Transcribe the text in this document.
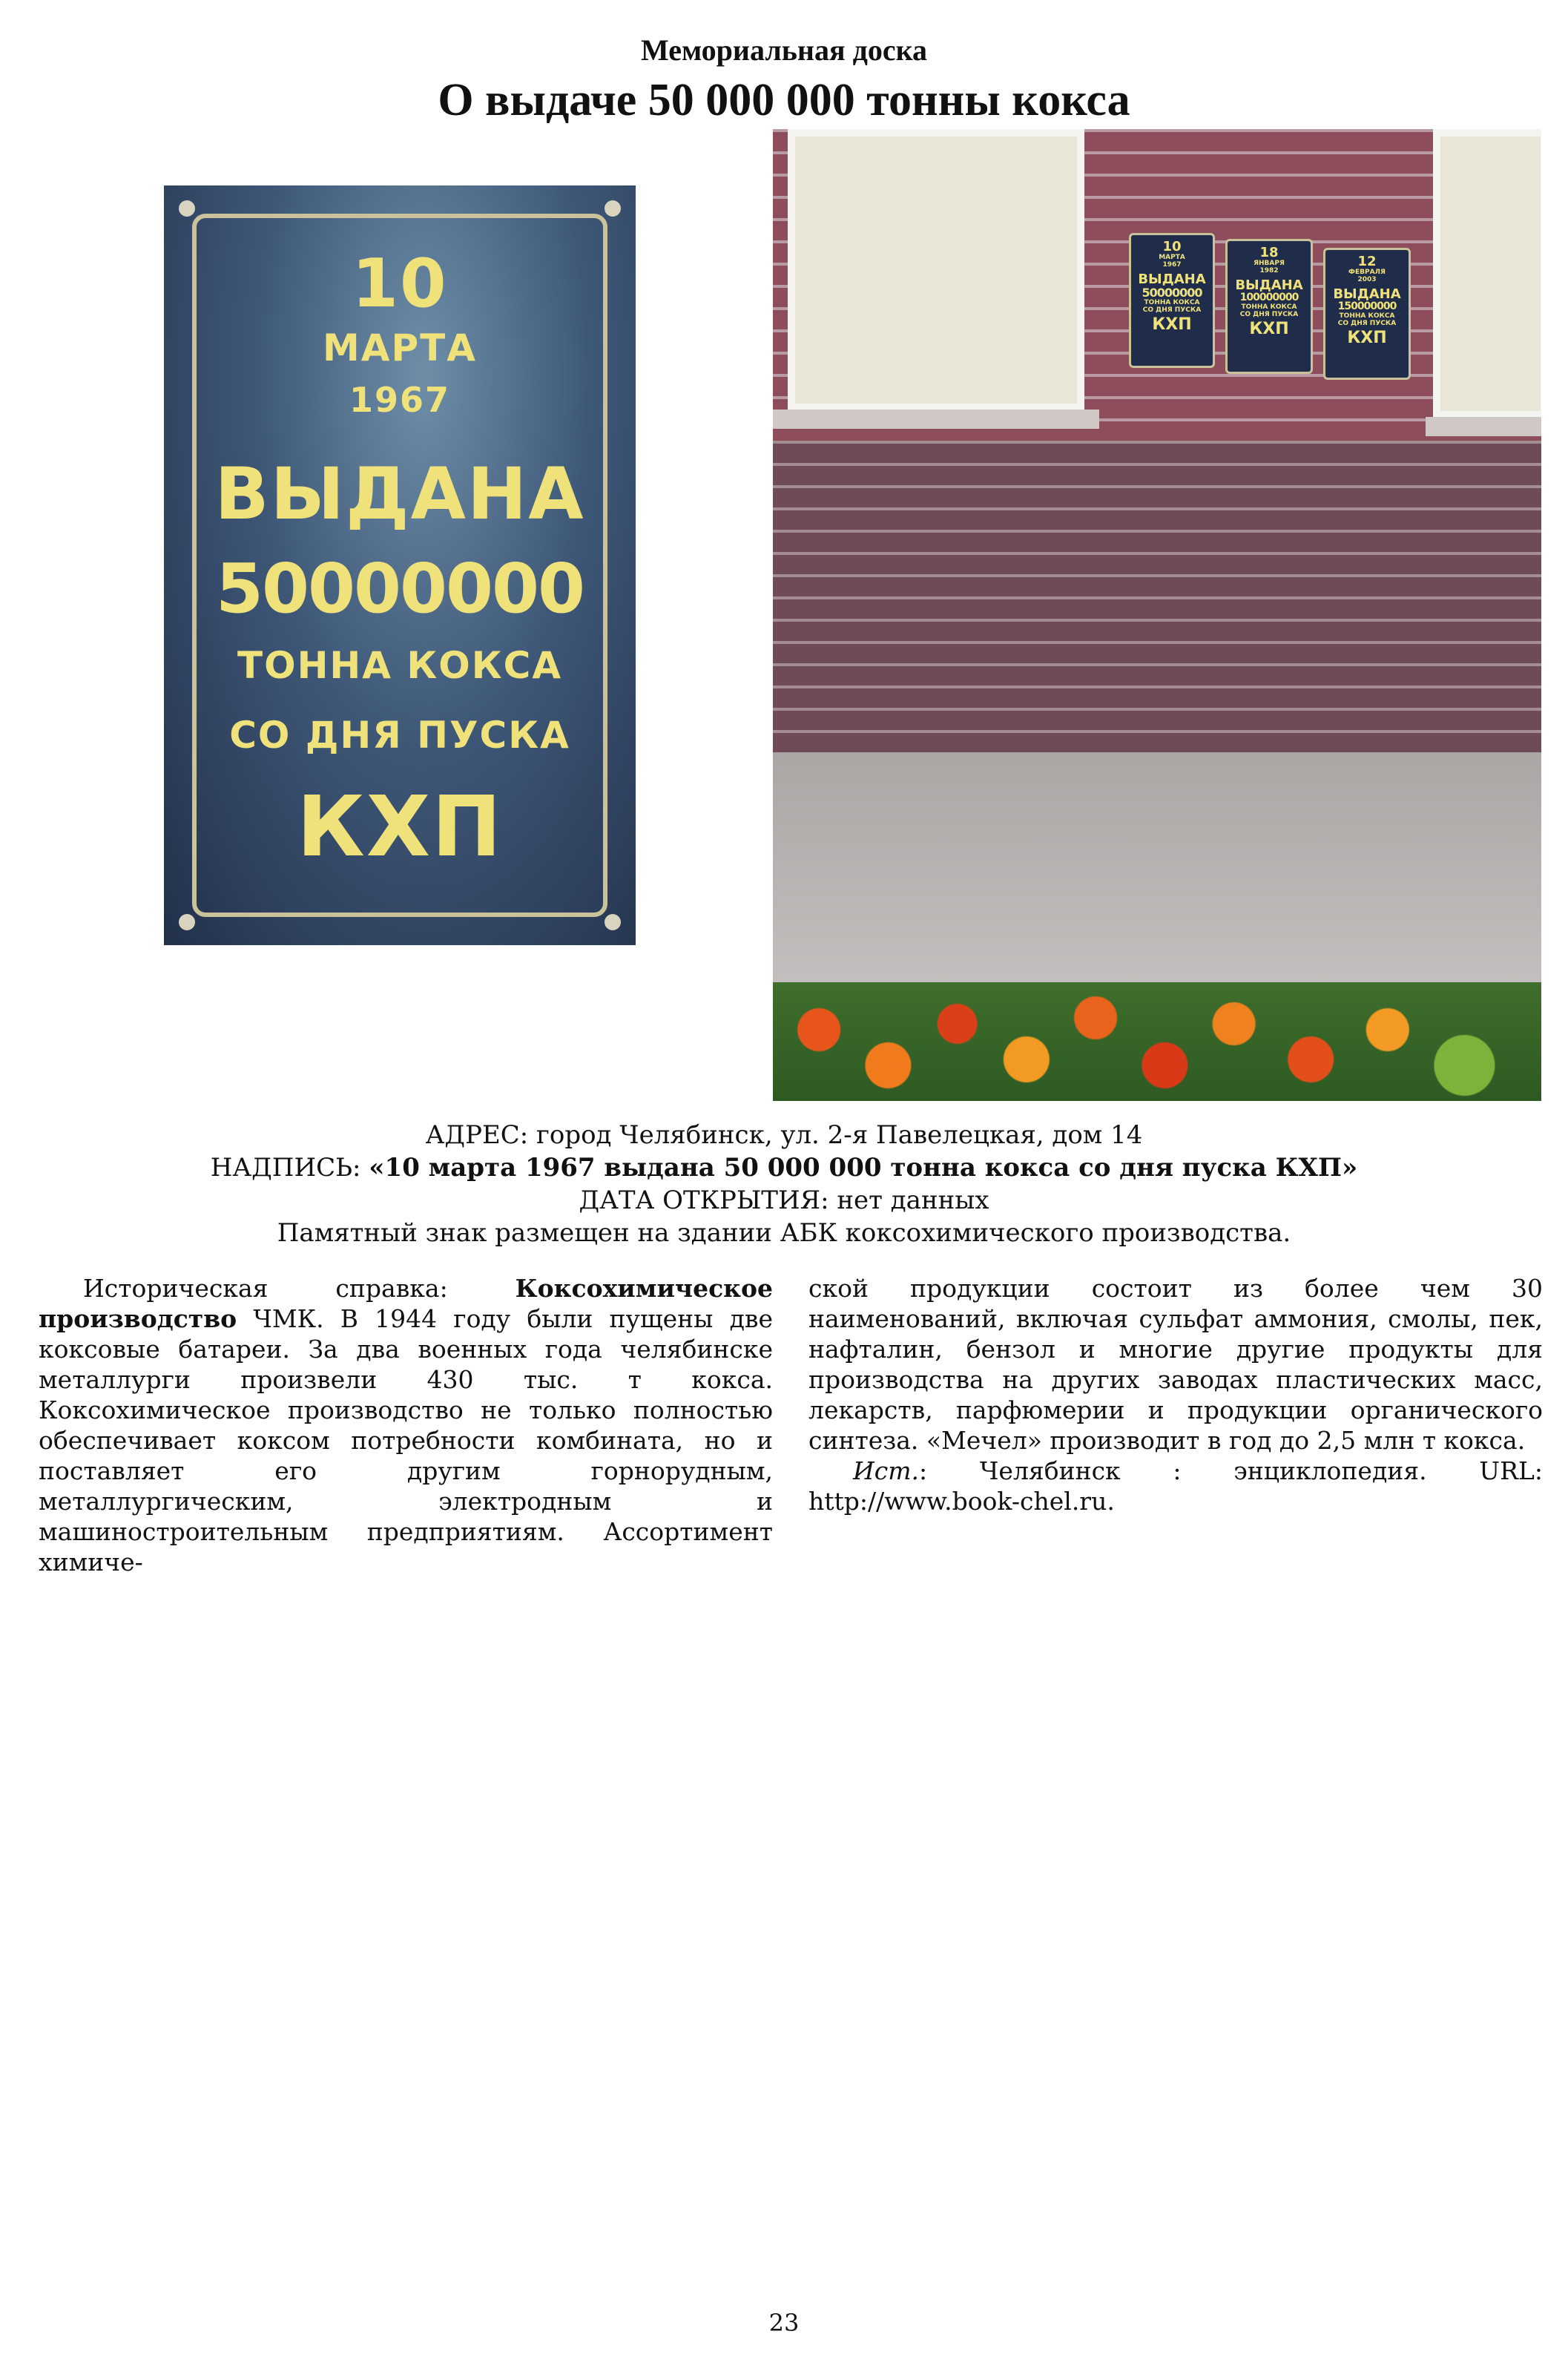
Мемориальная доска
О выдаче 50 000 000 тонны кокса
10
МАРТА
1967
ВЫДАНА
50000000
ТОННА КОКСА
СО ДНЯ ПУСКА
КХП
10
МАРТА
1967
ВЫДАНА
50000000
ТОННА КОКСА
СО ДНЯ ПУСКА
КХП
18
ЯНВАРЯ
1982
ВЫДАНА
100000000
ТОННА КОКСА
СО ДНЯ ПУСКА
КХП
12
ФЕВРАЛЯ
2003
ВЫДАНА
150000000
ТОННА КОКСА
СО ДНЯ ПУСКА
КХП
АДРЕС: город Челябинск, ул. 2-я Павелецкая, дом 14
НАДПИСЬ: «10 марта 1967 выдана 50 000 000 тонна кокса со дня пуска КХП»
ДАТА ОТКРЫТИЯ: нет данных
Памятный знак размещен на здании АБК коксохимического производства.

Историческая справка: Коксохимическое производство ЧМК. В 1944 году были пущены две коксовые батареи. За два военных года челябинске металлурги произвели 430 тыс. т кокса. Коксохимическое производство не только полностью обеспечивает коксом потребности комбината, но и поставляет его другим горнорудным, металлургическим, электродным и машиностроительным предприятиям. Ассортимент химиче-

ской продукции состоит из более чем 30 наименований, включая сульфат аммония, смолы, пек, нафталин, бензол и многие другие продукты для производства на других заводах пластических масс, лекарств, парфюмерии и продукции органического синтеза. «Мечел» производит в год до 2,5 млн т кокса.

Ист.: Челябинск : энциклопедия. URL: http://www.book-chel.ru.

23
